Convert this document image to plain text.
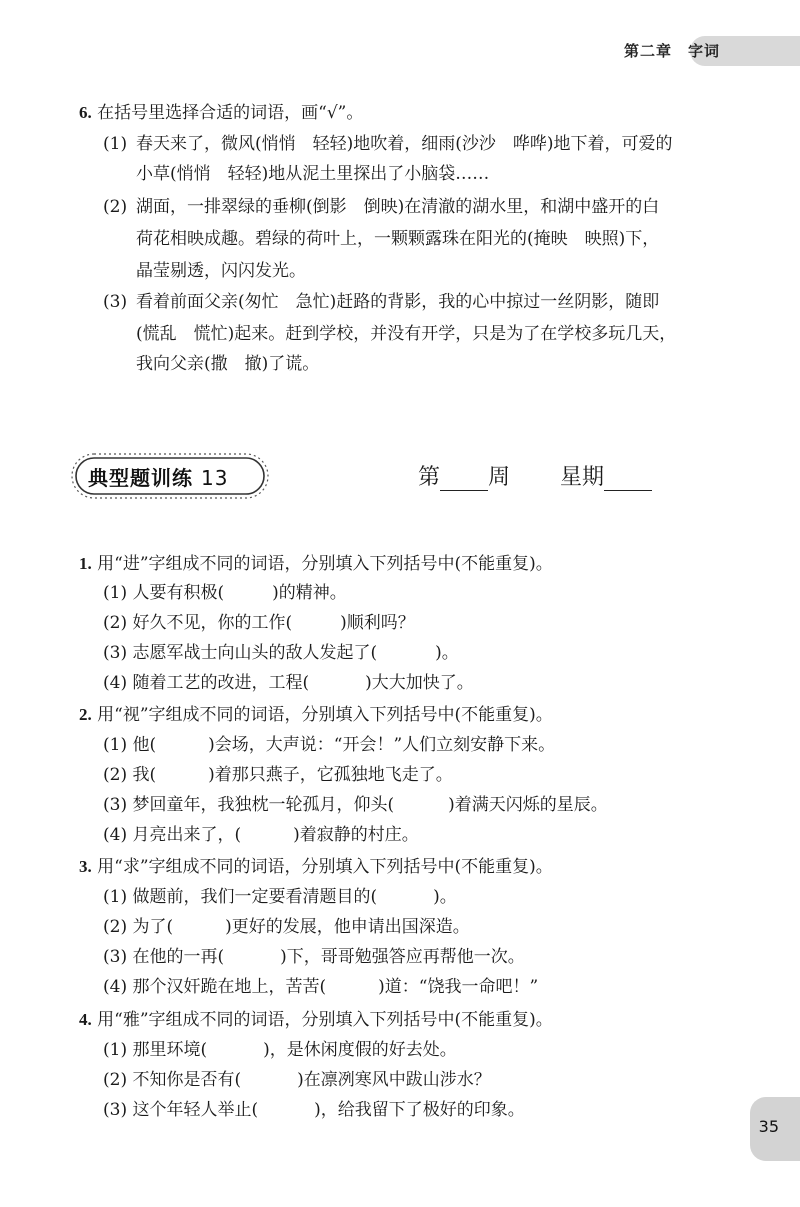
第二章　字词
6. 在括号里选择合适的词语，画“√”。
(1) 春天来了，微风(悄悄　轻轻)地吹着，细雨(沙沙　哗哗)地下着，可爱的
小草(悄悄　轻轻)地从泥土里探出了小脑袋……
(2) 湖面，一排翠绿的垂柳(倒影　倒映)在清澈的湖水里，和湖中盛开的白
荷花相映成趣。碧绿的荷叶上，一颗颗露珠在阳光的(掩映　映照)下，
晶莹剔透，闪闪发光。
(3) 看着前面父亲(匆忙　急忙)赶路的背影，我的心中掠过一丝阴影，随即
(慌乱　慌忙)起来。赶到学校，并没有开学，只是为了在学校多玩几天，
我向父亲(撒　撤)了谎。
典型题训练 13	第 周 星期
1. 用“进”字组成不同的词语，分别填入下列括号中(不能重复)。
(1) 人要有积极(	)的精神。
(2) 好久不见，你的工作(	)顺利吗？
(3) 志愿军战士向山头的敌人发起了(	)。
(4) 随着工艺的改进，工程(	)大大加快了。
2. 用“视”字组成不同的词语，分别填入下列括号中(不能重复)。
(1) 他(	)会场，大声说：“开会！”人们立刻安静下来。
(2) 我(	)着那只燕子，它孤独地飞走了。
(3) 梦回童年，我独枕一轮孤月，仰头(	)着满天闪烁的星辰。
(4) 月亮出来了，(	)着寂静的村庄。
3. 用“求”字组成不同的词语，分别填入下列括号中(不能重复)。
(1) 做题前，我们一定要看清题目的(	)。
(2) 为了(	)更好的发展，他申请出国深造。
(3) 在他的一再(	)下，哥哥勉强答应再帮他一次。
(4) 那个汉奸跪在地上，苦苦(	)道：“饶我一命吧！”
4. 用“雅”字组成不同的词语，分别填入下列括号中(不能重复)。
(1) 那里环境(	)，是休闲度假的好去处。
(2) 不知你是否有(	)在凛冽寒风中跋山涉水？
(3) 这个年轻人举止(	)，给我留下了极好的印象。
35
